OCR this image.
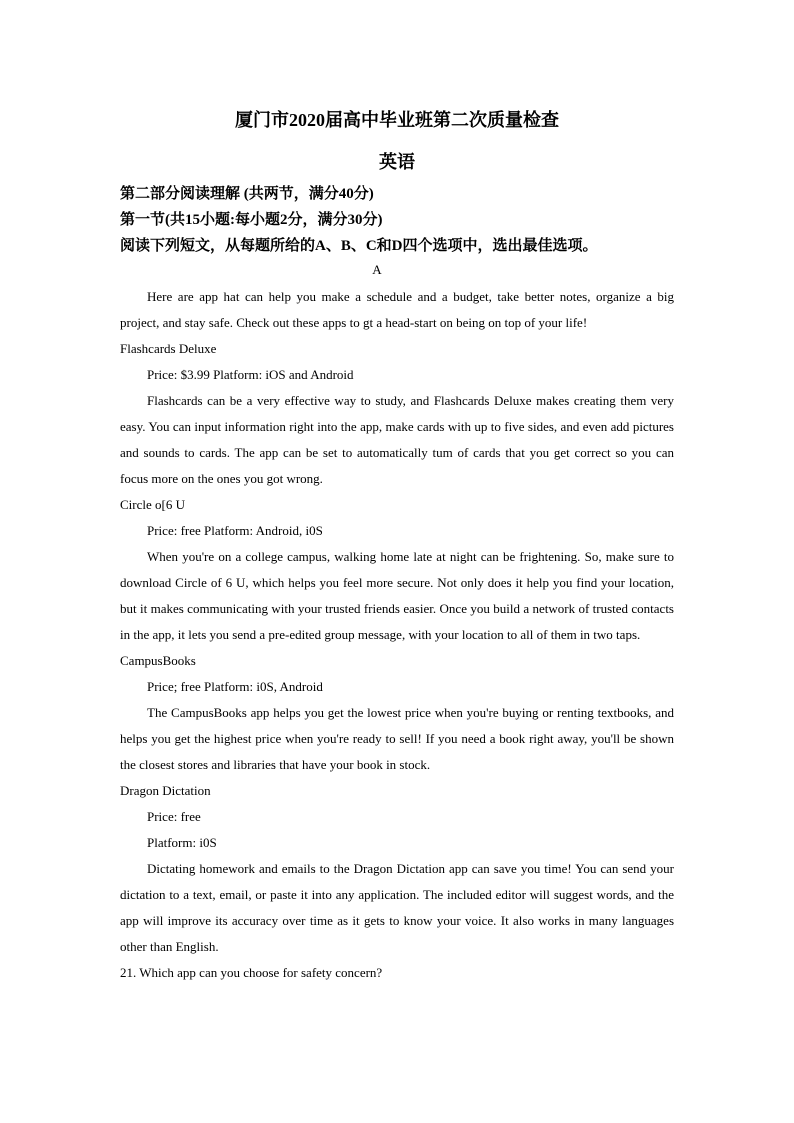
厦门市2020届高中毕业班第二次质量检查
英语
第二部分阅读理解 (共两节，满分40分)
第一节(共15小题:每小题2分，满分30分)
阅读下列短文，从每题所给的A、B、C和D四个选项中，选出最佳选项。
A

Here are app hat can help you make a schedule and a budget, take better notes, organize a big project, and stay safe. Check out these apps to gt a head-start on being on top of your life!

Flashcards Deluxe

Price: $3.99 Platform: iOS and Android

Flashcards can be a very effective way to study, and Flashcards Deluxe makes creating them very easy. You can input information right into the app, make cards with up to five sides, and even add pictures and sounds to cards. The app can be set to automatically tum of cards that you get correct so you can focus more on the ones you got wrong.

Circle o[6 U

Price: free Platform: Android, i0S

When you're on a college campus, walking home late at night can be frightening. So, make sure to download Circle of 6 U, which helps you feel more secure. Not only does it help you find your location, but it makes communicating with your trusted friends easier. Once you build a network of trusted contacts in the app, it lets you send a pre-edited group message, with your location to all of them in two taps.

CampusBooks

Price; free Platform: i0S, Android

The CampusBooks app helps you get the lowest price when you're buying or renting textbooks, and helps you get the highest price when you're ready to sell! If you need a book right away, you'll be shown the closest stores and libraries that have your book in stock.

Dragon Dictation

Price: free

Platform: i0S

Dictating homework and emails to the Dragon Dictation app can save you time! You can send your dictation to a text, email, or paste it into any application. The included editor will suggest words, and the app will improve its accuracy over time as it gets to know your voice. It also works in many languages other than English.

21. Which app can you choose for safety concern?
